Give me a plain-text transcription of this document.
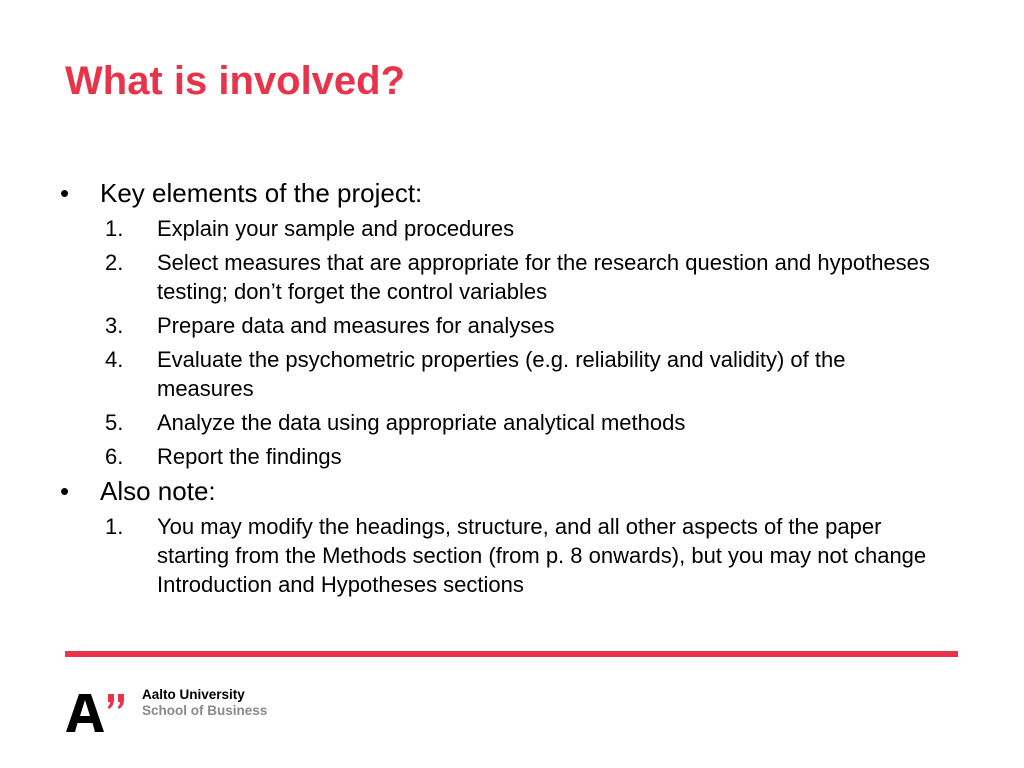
What is involved?
•	Key elements of the project:
1.	Explain your sample and procedures
2.	Select measures that are appropriate for the research question and hypotheses testing; don’t forget the control variables
3.	Prepare data and measures for analyses
4.	Evaluate the psychometric properties (e.g. reliability and validity) of the measures
5.	Analyze the data using appropriate analytical methods
6.	Report the findings
•	Also note:
1.	You may modify the headings, structure, and all other aspects of the paper starting from the Methods section (from p. 8 onwards), but you may not change Introduction and Hypotheses sections
Aalto University
School of Business
